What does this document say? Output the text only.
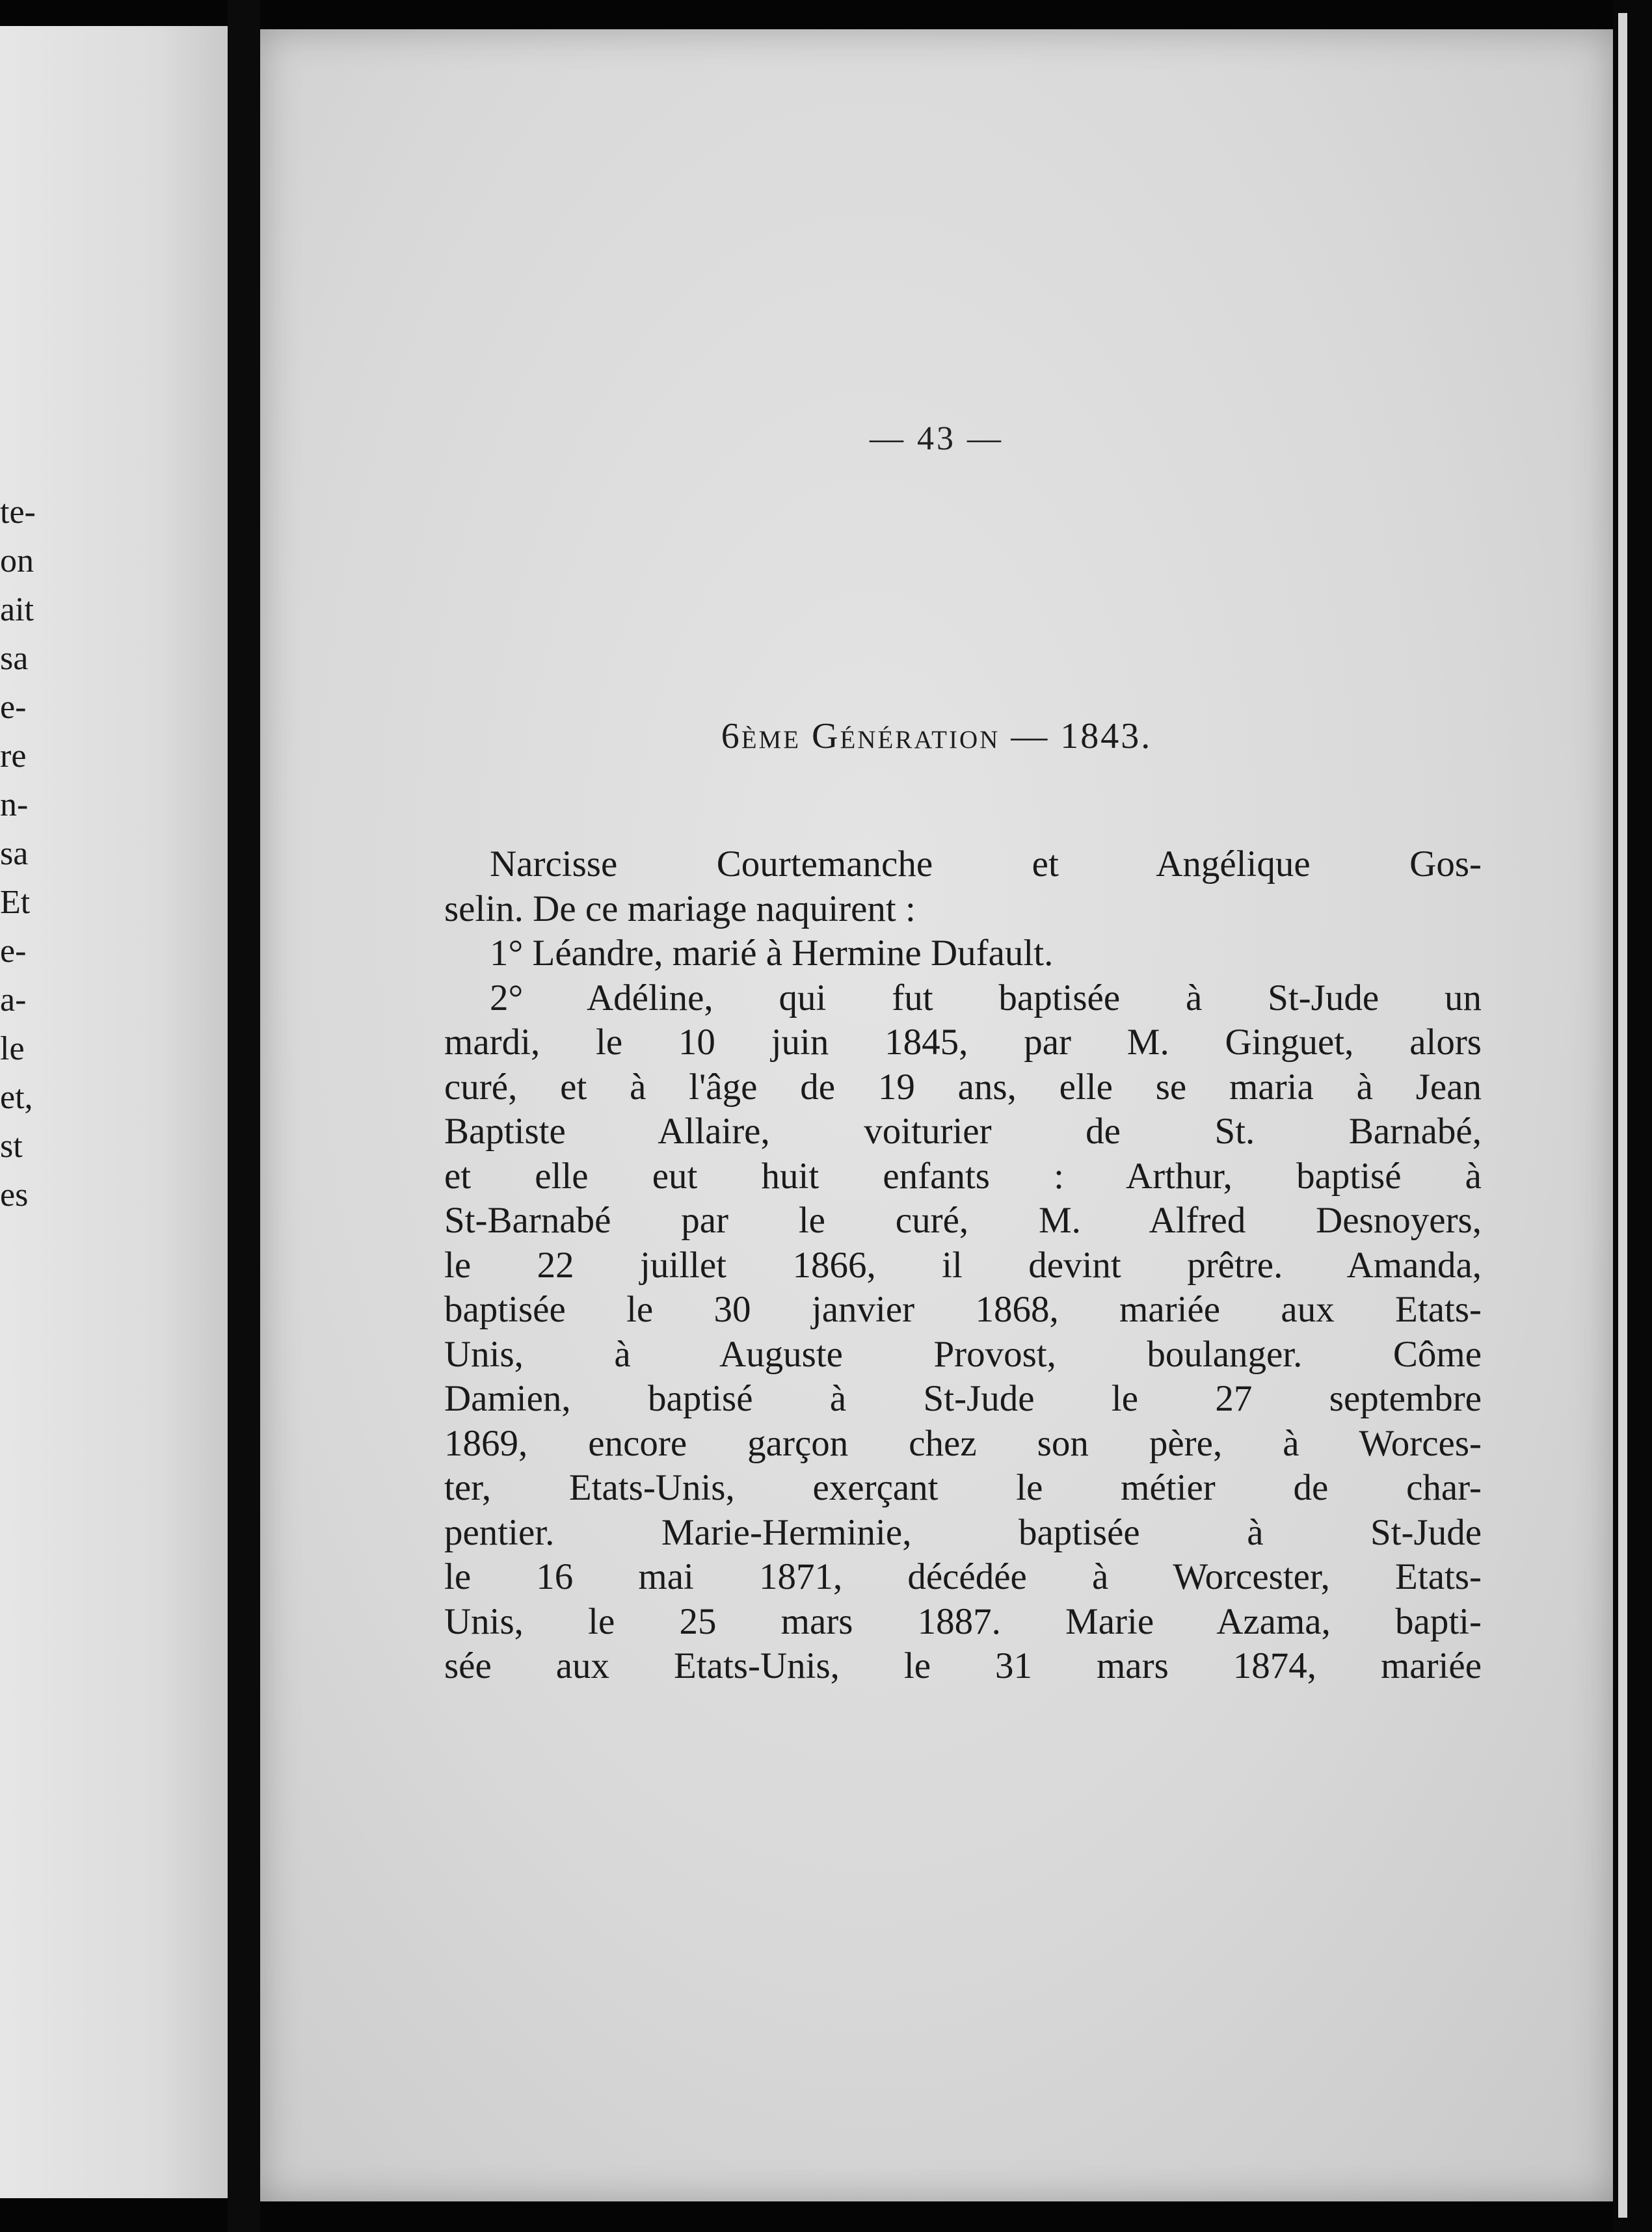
te-
on
ait
sa
e-
re
n-
sa
Et
e-
a-
le
et,
st
es
— 43 —
6ème Génération — 1843.
Narcisse Courtemanche et Angélique Gos-
selin. De ce mariage naquirent :
1° Léandre, marié à Hermine Dufault.
2° Adéline, qui fut baptisée à St-Jude un
mardi, le 10 juin 1845, par M. Ginguet, alors
curé, et à l'âge de 19 ans, elle se maria à Jean
Baptiste Allaire, voiturier de St. Barnabé,
et elle eut huit enfants : Arthur, baptisé à
St-Barnabé par le curé, M. Alfred Desnoyers,
le 22 juillet 1866, il devint prêtre. Amanda,
baptisée le 30 janvier 1868, mariée aux Etats-
Unis, à Auguste Provost, boulanger. Côme
Damien, baptisé à St-Jude le 27 septembre
1869, encore garçon chez son père, à Worces-
ter, Etats-Unis, exerçant le métier de char-
pentier. Marie-Herminie, baptisée à St-Jude
le 16 mai 1871, décédée à Worcester, Etats-
Unis, le 25 mars 1887. Marie Azama, bapti-
sée aux Etats-Unis, le 31 mars 1874, mariée
